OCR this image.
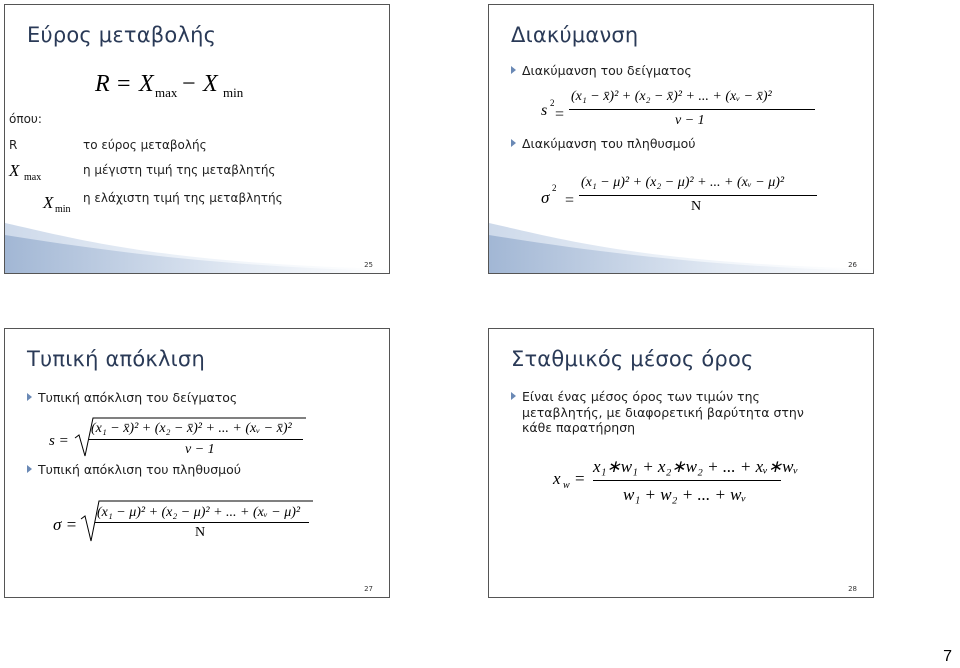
Εύρος μεταβολής
R = X max − X min
όπου:
R	το εύρος μεταβολής
X max
η μέγιστη τιμή της μεταβλητής
X min
η ελάχιστη τιμή της μεταβλητής
25
Διακύμανση
Διακύμανση του δείγματος
s 2
=
(x₁ − x̄)² + (x₂ − x̄)² + ... + (xᵥ − x̄)²
ν − 1
Διακύμανση του πληθυσμού
σ 2
=
(x₁ − μ)² + (x₂ − μ)² + ... + (xᵥ − μ)²
N
26
Τυπική απόκλιση
Τυπική απόκλιση του δείγματος
s =
(x₁ − x̄)² + (x₂ − x̄)² + ... + (xᵥ − x̄)²
ν − 1
Τυπική απόκλιση του πληθυσμού
σ =
(x₁ − μ)² + (x₂ − μ)² + ... + (xᵥ − μ)²
N
27
Σταθμικός μέσος όρος
Είναι ένας μέσος όρος των τιμών της
μεταβλητής, με διαφορετική βαρύτητα στην
κάθε παρατήρηση
x w =
x₁∗w₁ + x₂∗w₂ + ... + xᵥ∗wᵥ
w₁ + w₂ + ... + wᵥ
28
7
